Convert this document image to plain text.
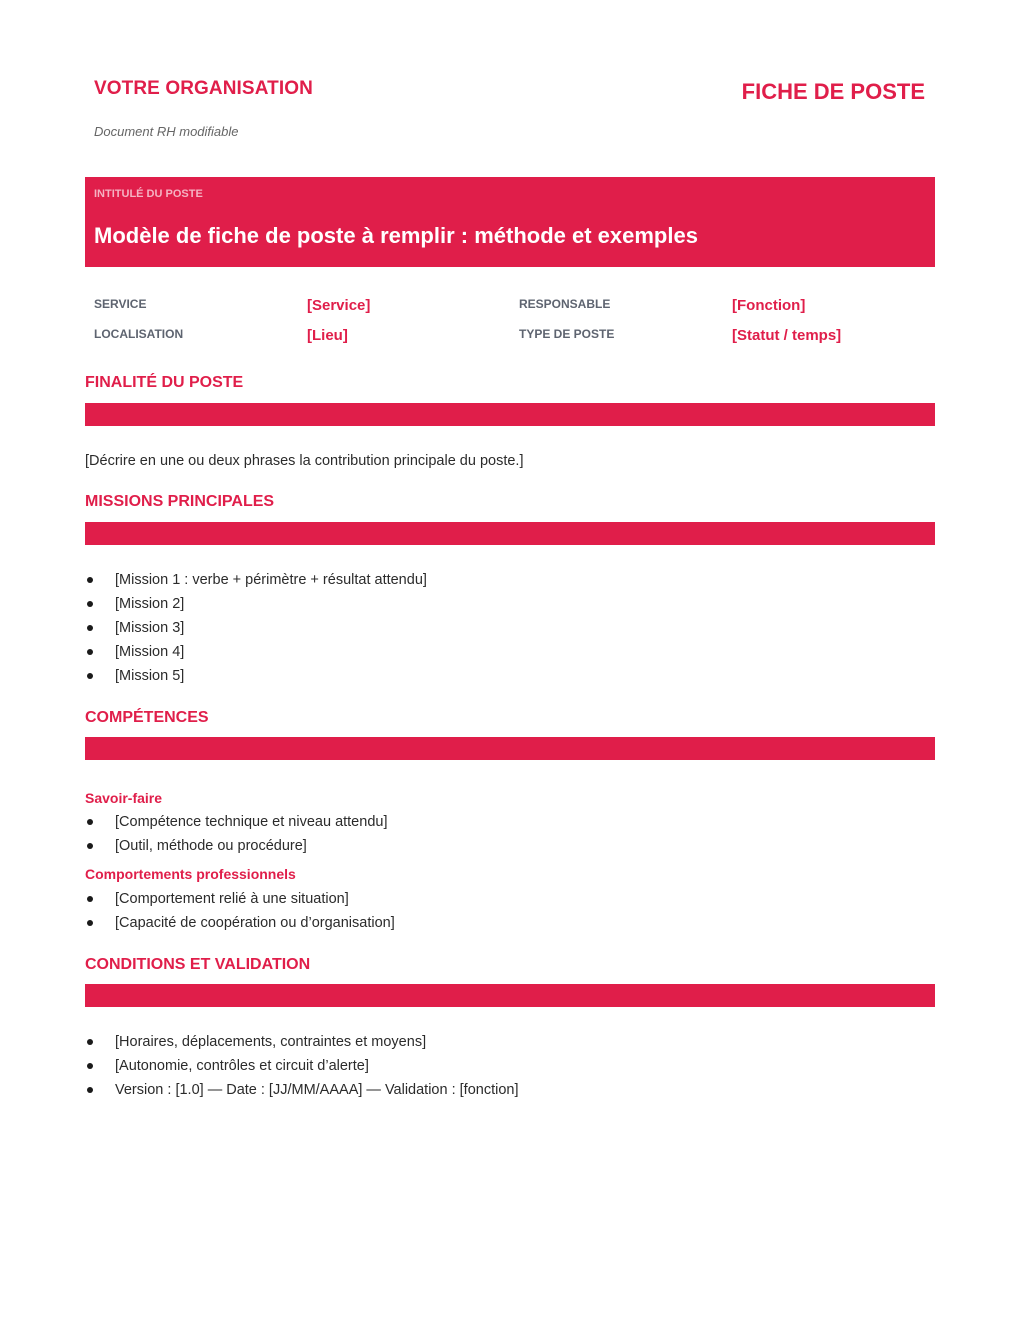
VOTRE ORGANISATION	FICHE DE POSTE
Document RH modifiable
INTITULÉ DU POSTE
Modèle de fiche de poste à remplir : méthode et exemples
SERVICE	[Service]	RESPONSABLE	[Fonction]
LOCALISATION	[Lieu]	TYPE DE POSTE	[Statut / temps]
FINALITÉ DU POSTE
[Décrire en une ou deux phrases la contribution principale du poste.]
MISSIONS PRINCIPALES
[Mission 1 : verbe + périmètre + résultat attendu]
[Mission 2]
[Mission 3]
[Mission 4]
[Mission 5]
COMPÉTENCES
Savoir-faire
[Compétence technique et niveau attendu]
[Outil, méthode ou procédure]
Comportements professionnels
[Comportement relié à une situation]
[Capacité de coopération ou d’organisation]
CONDITIONS ET VALIDATION
[Horaires, déplacements, contraintes et moyens]
[Autonomie, contrôles et circuit d’alerte]
Version : [1.0] — Date : [JJ/MM/AAAA] — Validation : [fonction]
